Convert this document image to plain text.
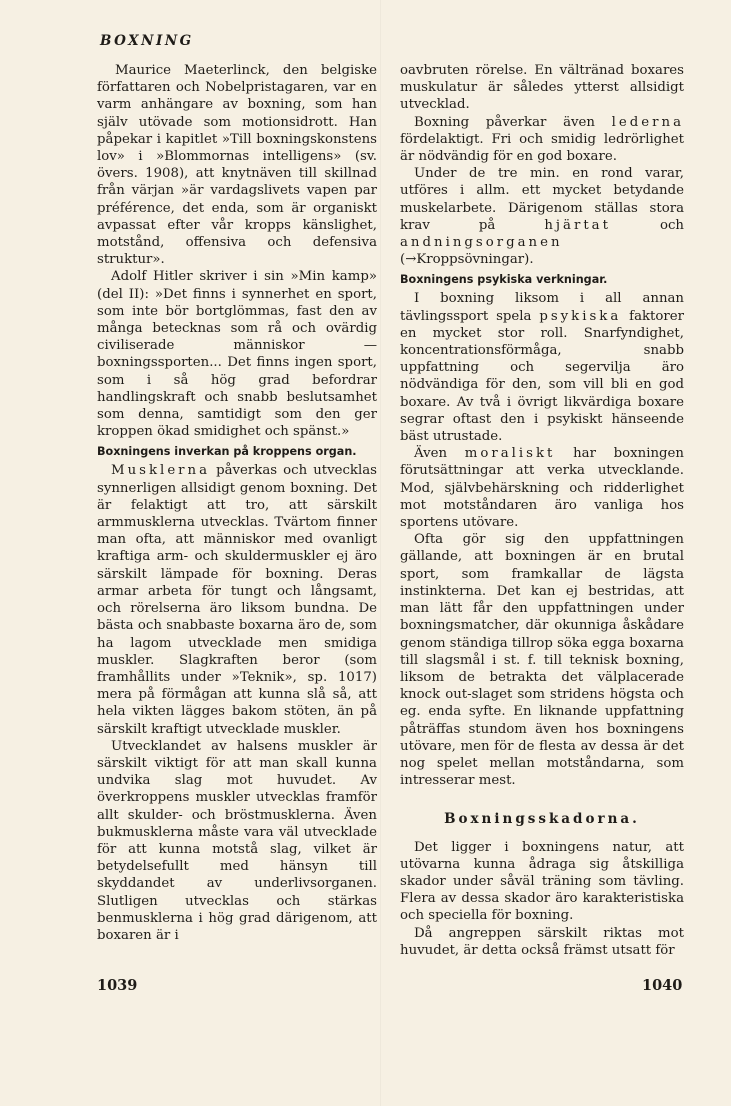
BOXNING

Maurice Maeterlinck, den belgiske författaren och Nobelpristagaren, var en varm anhängare av boxning, som han själv utövade som motionsidrott. Han påpekar i kapitlet »Till boxningskonstens lov» i »Blommornas intelligens» (sv. övers. 1908), att knytnäven till skillnad från värjan »är vardagslivets vapen par préférence, det enda, som är organiskt avpassat efter vår kropps känslighet, motstånd, offensiva och defensiva struktur».

Adolf Hitler skriver i sin »Min kamp» (del II): »Det finns i synnerhet en sport, som inte bör bortglömmas, fast den av många betecknas som rå och ovärdig civiliserade människor — boxningssporten... Det finns ingen sport, som i så hög grad befordrar handlingskraft och snabb beslutsamhet som denna, samtidigt som den ger kroppen ökad smidighet och spänst.»

Boxningens inverkan på kroppens organ.

Musklerna påverkas och utvecklas synnerligen allsidigt genom boxning. Det är felaktigt att tro, att särskilt armmusklerna utvecklas. Tvärtom finner man ofta, att människor med ovanligt kraftiga arm- och skuldermuskler ej äro särskilt lämpade för boxning. Deras armar arbeta för tungt och långsamt, och rörelserna äro liksom bundna. De bästa och snabbaste boxarna äro de, som ha lagom utvecklade men smidiga muskler. Slagkraften beror (som framhållits under »Teknik», sp. 1017) mera på förmågan att kunna slå så, att hela vikten lägges bakom stöten, än på särskilt kraftigt utvecklade muskler.

Utvecklandet av halsens muskler är särskilt viktigt för att man skall kunna undvika slag mot huvudet. Av överkroppens muskler utvecklas framför allt skulder- och bröstmusklerna. Även bukmusklerna måste vara väl utvecklade för att kunna motstå slag, vilket är betydelsefullt med hänsyn till skyddandet av underlivsorganen. Slutligen utvecklas och stärkas benmusklerna i hög grad därigenom, att boxaren är i

oavbruten rörelse. En vältränad boxares muskulatur är således ytterst allsidigt utvecklad.

Boxning påverkar även lederna fördelaktigt. Fri och smidig ledrörlighet är nödvändig för en god boxare.

Under de tre min. en rond varar, utföres i allm. ett mycket betydande muskelarbete. Därigenom ställas stora krav på hjärtat och andningsorganen (→Kroppsövningar).

Boxningens psykiska verkningar.

I boxning liksom i all annan tävlingssport spela psykiska faktorer en mycket stor roll. Snarfyndighet, koncentrationsförmåga, snabb uppfattning och segervilja äro nödvändiga för den, som vill bli en god boxare. Av två i övrigt likvärdiga boxare segrar oftast den i psykiskt hänseende bäst utrustade.

Även moraliskt har boxningen förutsättningar att verka utvecklande. Mod, självbehärskning och ridderlighet mot motståndaren äro vanliga hos sportens utövare.

Ofta gör sig den uppfattningen gällande, att boxningen är en brutal sport, som framkallar de lägsta instinkterna. Det kan ej bestridas, att man lätt får den uppfattningen under boxningsmatcher, där okunniga åskådare genom ständiga tillrop söka egga boxarna till slagsmål i st. f. till teknisk boxning, liksom de betrakta det välplacerade knock out-slaget som stridens högsta och eg. enda syfte. En liknande uppfattning påträffas stundom även hos boxningens utövare, men för de flesta av dessa är det nog spelet mellan motståndarna, som intresserar mest.

Boxningsskadorna.

Det ligger i boxningens natur, att utövarna kunna ådraga sig åtskilliga skador under såväl träning som tävling. Flera av dessa skador äro karakteristiska och speciella för boxning.

Då angreppen särskilt riktas mot huvudet, är detta också främst utsatt för

1039	1040
